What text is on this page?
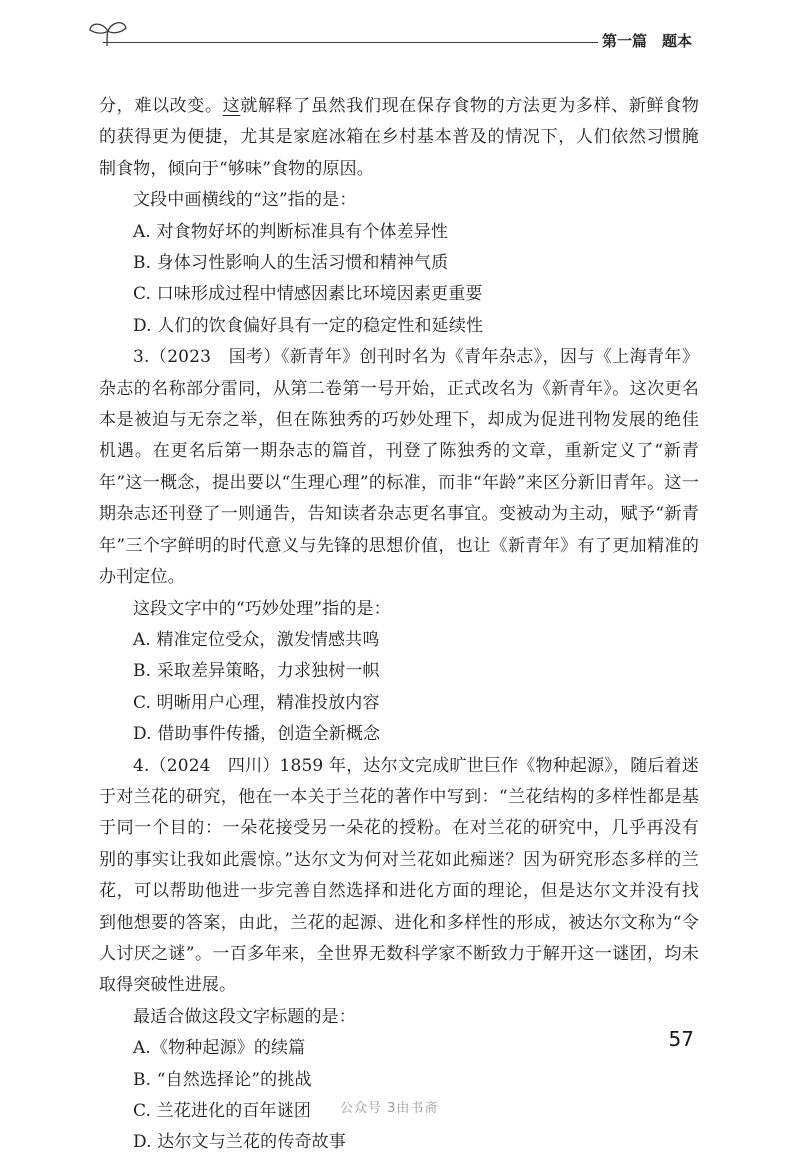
第一篇　题本

分，难以改变。这就解释了虽然我们现在保存食物的方法更为多样、新鲜食物的获得更为便捷，尤其是家庭冰箱在乡村基本普及的情况下，人们依然习惯腌制食物，倾向于“够味”食物的原因。

文段中画横线的“这”指的是：

A. 对食物好坏的判断标准具有个体差异性

B. 身体习性影响人的生活习惯和精神气质

C. 口味形成过程中情感因素比环境因素更重要

D. 人们的饮食偏好具有一定的稳定性和延续性

3.（2023　国考）《新青年》创刊时名为《青年杂志》，因与《上海青年》杂志的名称部分雷同，从第二卷第一号开始，正式改名为《新青年》。这次更名本是被迫与无奈之举，但在陈独秀的巧妙处理下，却成为促进刊物发展的绝佳机遇。在更名后第一期杂志的篇首，刊登了陈独秀的文章，重新定义了“新青年”这一概念，提出要以“生理心理”的标准，而非“年龄”来区分新旧青年。这一期杂志还刊登了一则通告，告知读者杂志更名事宜。变被动为主动，赋予“新青年”三个字鲜明的时代意义与先锋的思想价值，也让《新青年》有了更加精准的办刊定位。

这段文字中的“巧妙处理”指的是：

A. 精准定位受众，激发情感共鸣

B. 采取差异策略，力求独树一帜

C. 明晰用户心理，精准投放内容

D. 借助事件传播，创造全新概念

4.（2024　四川）1859 年，达尔文完成旷世巨作《物种起源》，随后着迷于对兰花的研究，他在一本关于兰花的著作中写到：“兰花结构的多样性都是基于同一个目的：一朵花接受另一朵花的授粉。在对兰花的研究中，几乎再没有别的事实让我如此震惊。”达尔文为何对兰花如此痴迷？因为研究形态多样的兰花，可以帮助他进一步完善自然选择和进化方面的理论，但是达尔文并没有找到他想要的答案，由此，兰花的起源、进化和多样性的形成，被达尔文称为“令人讨厌之谜”。一百多年来，全世界无数科学家不断致力于解开这一谜团，均未取得突破性进展。

最适合做这段文字标题的是：

A.《物种起源》的续篇

B. “自然选择论”的挑战

C. 兰花进化的百年谜团

D. 达尔文与兰花的传奇故事

57
公众号 3由书斋
